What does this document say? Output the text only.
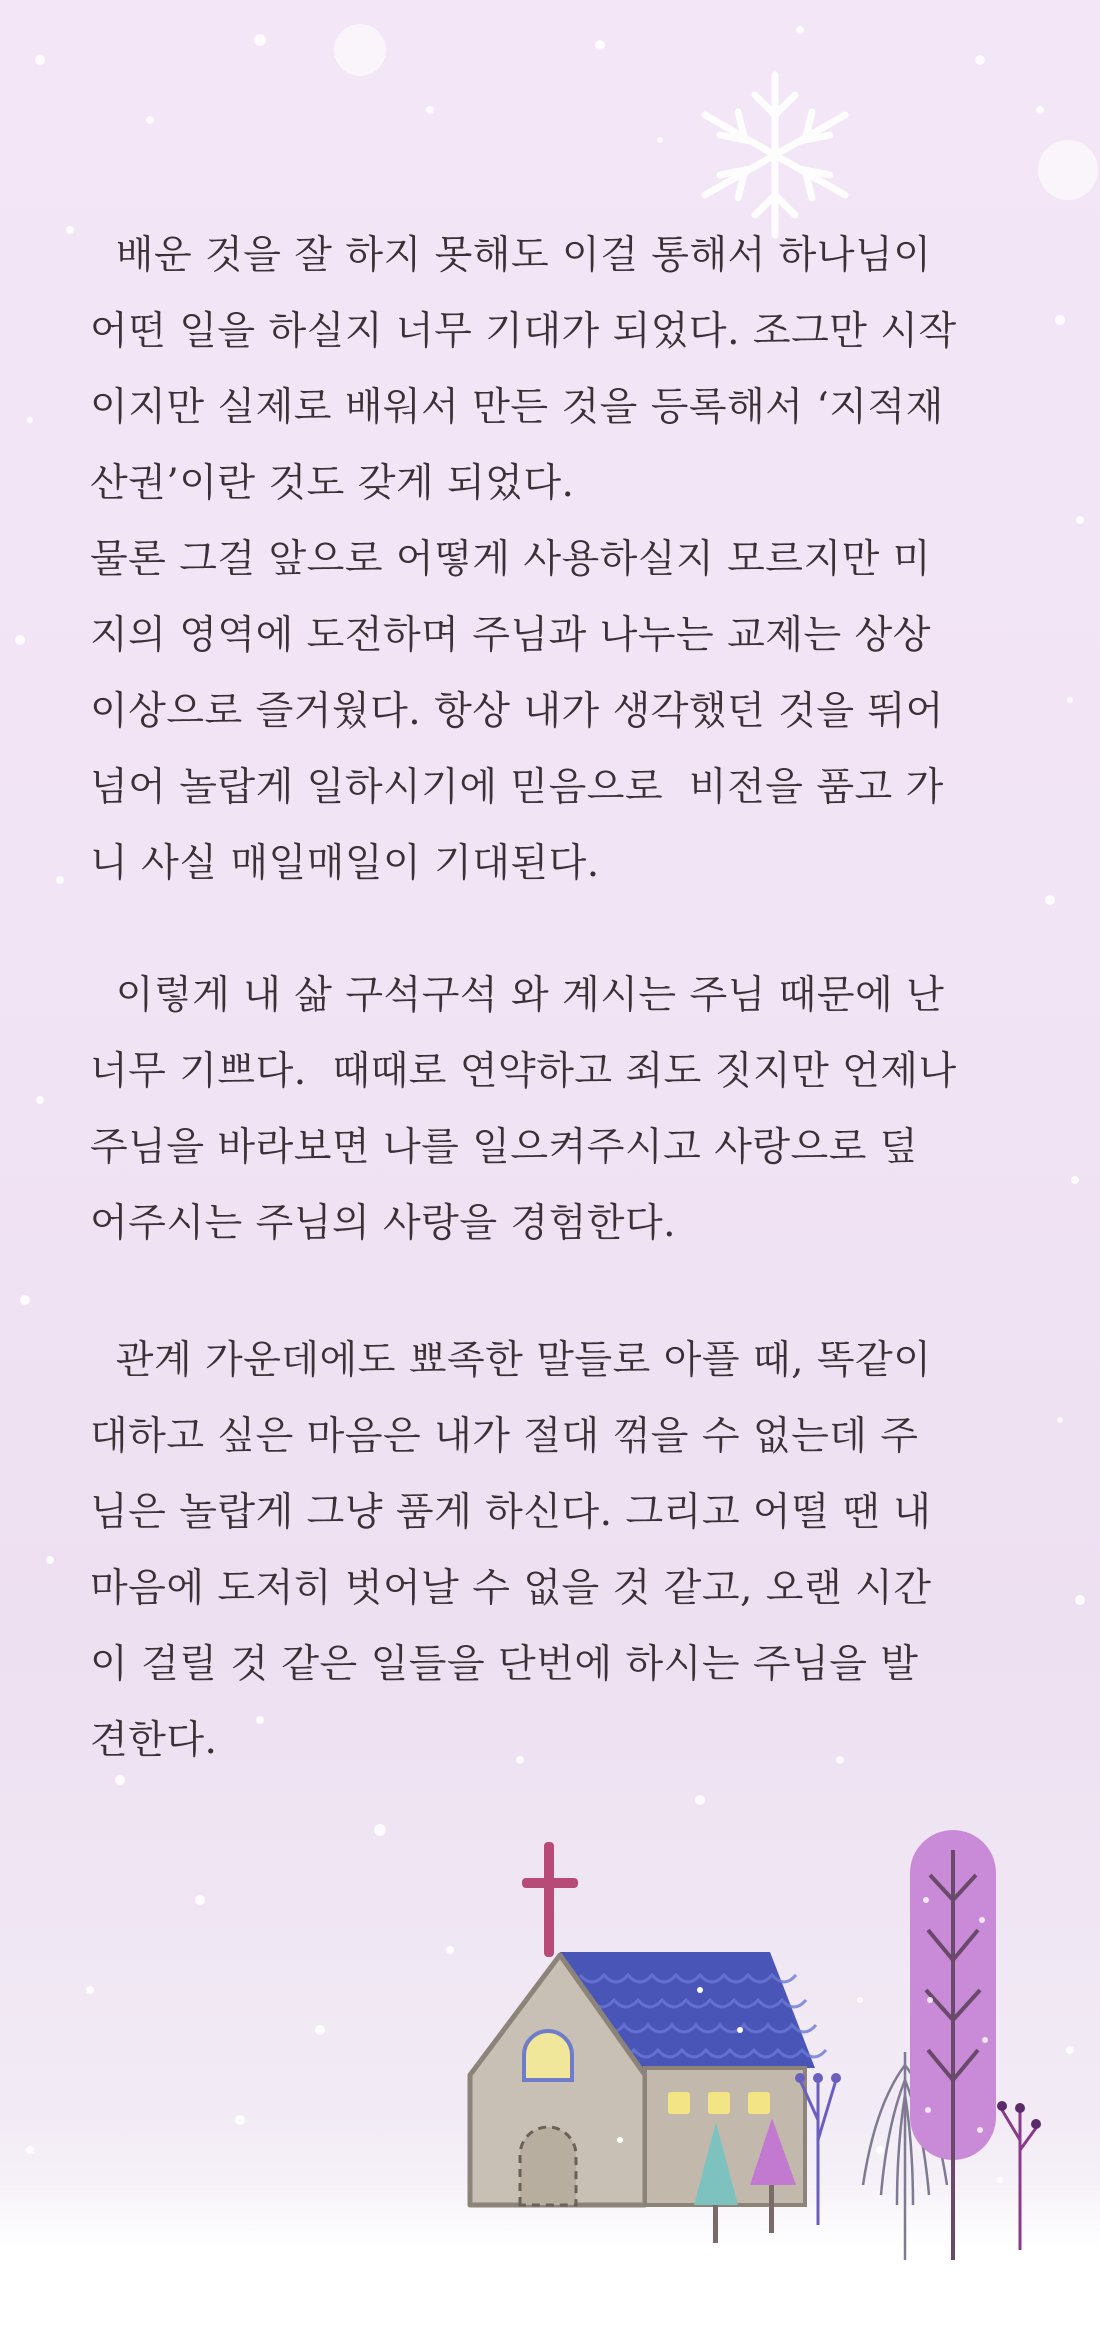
배운 것을 잘 하지 못해도 이걸 통해서 하나님이

어떤 일을 하실지 너무 기대가 되었다. 조그만 시작

이지만 실제로 배워서 만든 것을 등록해서 ‘지적재

산권’이란 것도 갖게 되었다.

물론 그걸 앞으로 어떻게 사용하실지 모르지만 미

지의 영역에 도전하며 주님과 나누는 교제는 상상

이상으로 즐거웠다. 항상 내가 생각했던 것을 뛰어

넘어 놀랍게 일하시기에 믿음으로  비전을 품고 가

니 사실 매일매일이 기대된다.

이렇게 내 삶 구석구석 와 계시는 주님 때문에 난

너무 기쁘다.  때때로 연약하고 죄도 짓지만 언제나

주님을 바라보면 나를 일으켜주시고 사랑으로 덮

어주시는 주님의 사랑을 경험한다.

관계 가운데에도 뾰족한 말들로 아플 때, 똑같이

대하고 싶은 마음은 내가 절대 꺾을 수 없는데 주

님은 놀랍게 그냥 품게 하신다. 그리고 어떨 땐 내

마음에 도저히 벗어날 수 없을 것 같고, 오랜 시간

이 걸릴 것 같은 일들을 단번에 하시는 주님을 발

견한다.
